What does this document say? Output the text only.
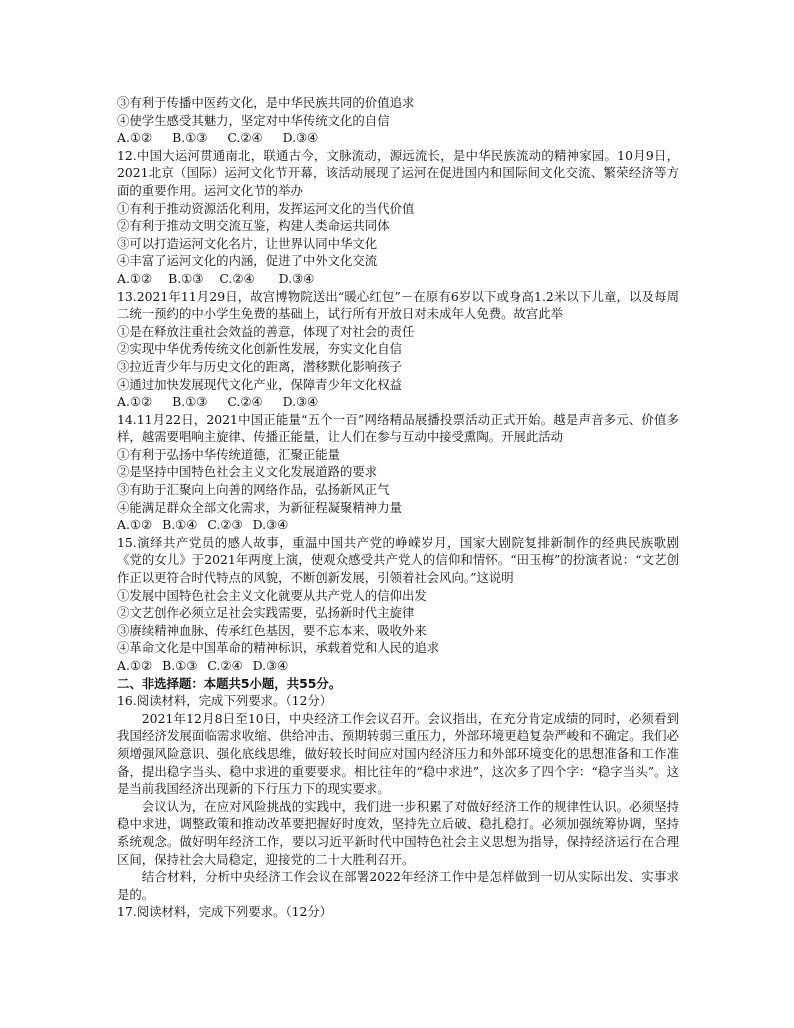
③有利于传播中医药文化，是中华民族共同的价值追求
④使学生感受其魅力，坚定对中华传统文化的自信
A.①② B.①③ C.②④ D.③④
12.中国大运河贯通南北，联通古今，文脉流动，源远流长，是中华民族流动的精神家园。10月9日，2021北京（国际）运河文化节开幕，该活动展现了运河在促进国内和国际间文化交流、繁荣经济等方面的重要作用。运河文化节的举办
①有利于推动资源活化利用，发挥运河文化的当代价值
②有利于推动文明交流互鉴，构建人类命运共同体
③可以打造运河文化名片，让世界认同中华文化
④丰富了运河文化的内涵，促进了中外文化交流
A.①② B.①③ C.②④ D.③④
13.2021年11月29日，故宫博物院送出“暖心红包”－在原有6岁以下或身高1.2米以下儿童，以及每周二统一预约的中小学生免费的基础上，试行所有开放日对未成年人免费。故宫此举
①是在释放注重社会效益的善意，体现了对社会的责任
②实现中华优秀传统文化创新性发展，夯实文化自信
③拉近青少年与历史文化的距离，潜移默化影响孩子
④通过加快发展现代文化产业，保障青少年文化权益
A.①② B.①③ C.②④ D.③④
14.11月22日，2021中国正能量“五个一百”网络精品展播投票活动正式开始。越是声音多元、价值多样，越需要唱响主旋律、传播正能量，让人们在参与互动中接受熏陶。开展此活动
①有利于弘扬中华传统道德，汇聚正能量
②是坚持中国特色社会主义文化发展道路的要求
③有助于汇聚向上向善的网络作品，弘扬新风正气
④能满足群众全部文化需求，为新征程凝聚精神力量
A.①② B.①④ C.②③ D.③④
15.演绎共产党员的感人故事，重温中国共产党的峥嵘岁月，国家大剧院复排新制作的经典民族歌剧《党的女儿》于2021年两度上演，使观众感受共产党人的信仰和情怀。“田玉梅”的扮演者说：“文艺创作正以更符合时代特点的风貌，不断创新发展，引领着社会风向。”这说明
①发展中国特色社会主义文化就要从共产党人的信仰出发
②文艺创作必须立足社会实践需要，弘扬新时代主旋律
③赓续精神血脉、传承红色基因，要不忘本来、吸收外来
④革命文化是中国革命的精神标识，承载着党和人民的追求
A.①② B.①③ C.②④ D.③④
二、非选择题：本题共5小题，共55分。
16.阅读材料，完成下列要求。（12分）
2021年12月8日至10日，中央经济工作会议召开。会议指出，在充分肯定成绩的同时，必须看到我国经济发展面临需求收缩、供给冲击、预期转弱三重压力，外部环境更趋复杂严峻和不确定。我们必须增强风险意识、强化底线思维，做好较长时间应对国内经济压力和外部环境变化的思想准备和工作准备，提出稳字当头、稳中求进的重要要求。相比往年的“稳中求进”，这次多了四个字：“稳字当头”。这是当前我国经济出现新的下行压力下的现实要求。
会议认为，在应对风险挑战的实践中，我们进一步积累了对做好经济工作的规律性认识。必须坚持稳中求进，调整政策和推动改革要把握好时度效，坚持先立后破、稳扎稳打。必须加强统筹协调，坚持系统观念。做好明年经济工作，要以习近平新时代中国特色社会主义思想为指导，保持经济运行在合理区间，保持社会大局稳定，迎接党的二十大胜利召开。
结合材料，分析中央经济工作会议在部署2022年经济工作中是怎样做到一切从实际出发、实事求是的。
17.阅读材料，完成下列要求。（12分）
